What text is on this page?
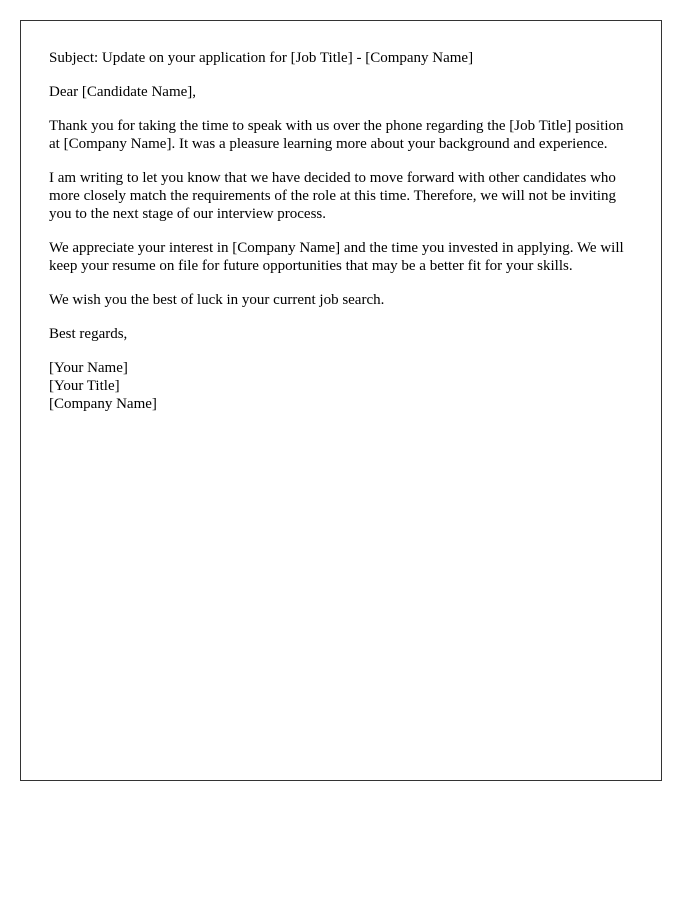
Subject: Update on your application for [Job Title] - [Company Name]

Dear [Candidate Name],

Thank you for taking the time to speak with us over the phone regarding the [Job Title] position at [Company Name]. It was a pleasure learning more about your background and experience.

I am writing to let you know that we have decided to move forward with other candidates who more closely match the requirements of the role at this time. Therefore, we will not be inviting you to the next stage of our interview process.

We appreciate your interest in [Company Name] and the time you invested in applying. We will keep your resume on file for future opportunities that may be a better fit for your skills.

We wish you the best of luck in your current job search.

Best regards,

[Your Name]
[Your Title]
[Company Name]
